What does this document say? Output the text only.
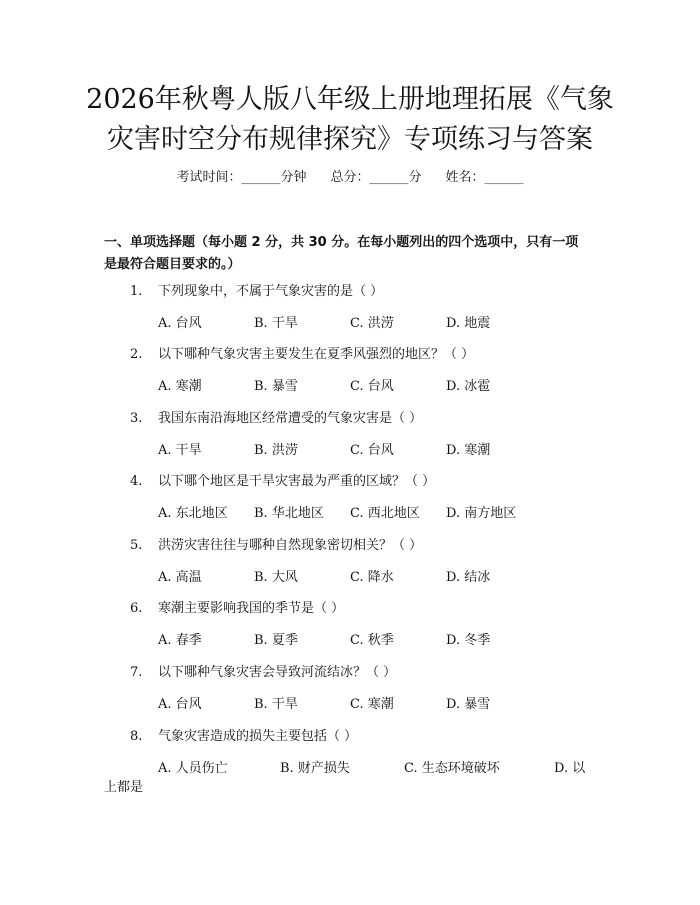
2026年秋粤人版八年级上册地理拓展《气象
灾害时空分布规律探究》专项练习与答案
考试时间：______分钟 总分：______分 姓名：______
一、单项选择题（每小题 2 分，共 30 分。在每小题列出的四个选项中，只有一项
是最符合题目要求的。）
1. 下列现象中，不属于气象灾害的是（ ）
A. 台风	B. 干旱	C. 洪涝	D. 地震
2. 以下哪种气象灾害主要发生在夏季风强烈的地区？（ ）
A. 寒潮	B. 暴雪	C. 台风	D. 冰雹
3. 我国东南沿海地区经常遭受的气象灾害是（ ）
A. 干旱	B. 洪涝	C. 台风	D. 寒潮
4. 以下哪个地区是干旱灾害最为严重的区域？（ ）
A. 东北地区 B. 华北地区 C. 西北地区 D. 南方地区
5. 洪涝灾害往往与哪种自然现象密切相关？（ ）
A. 高温	B. 大风	C. 降水	D. 结冰
6. 寒潮主要影响我国的季节是（ ）
A. 春季	B. 夏季	C. 秋季	D. 冬季
7. 以下哪种气象灾害会导致河流结冰？（ ）
A. 台风	B. 干旱	C. 寒潮	D. 暴雪
8. 气象灾害造成的损失主要包括（ ）
A. 人员伤亡	B. 财产损失	C. 生态环境破坏	D. 以
上都是
